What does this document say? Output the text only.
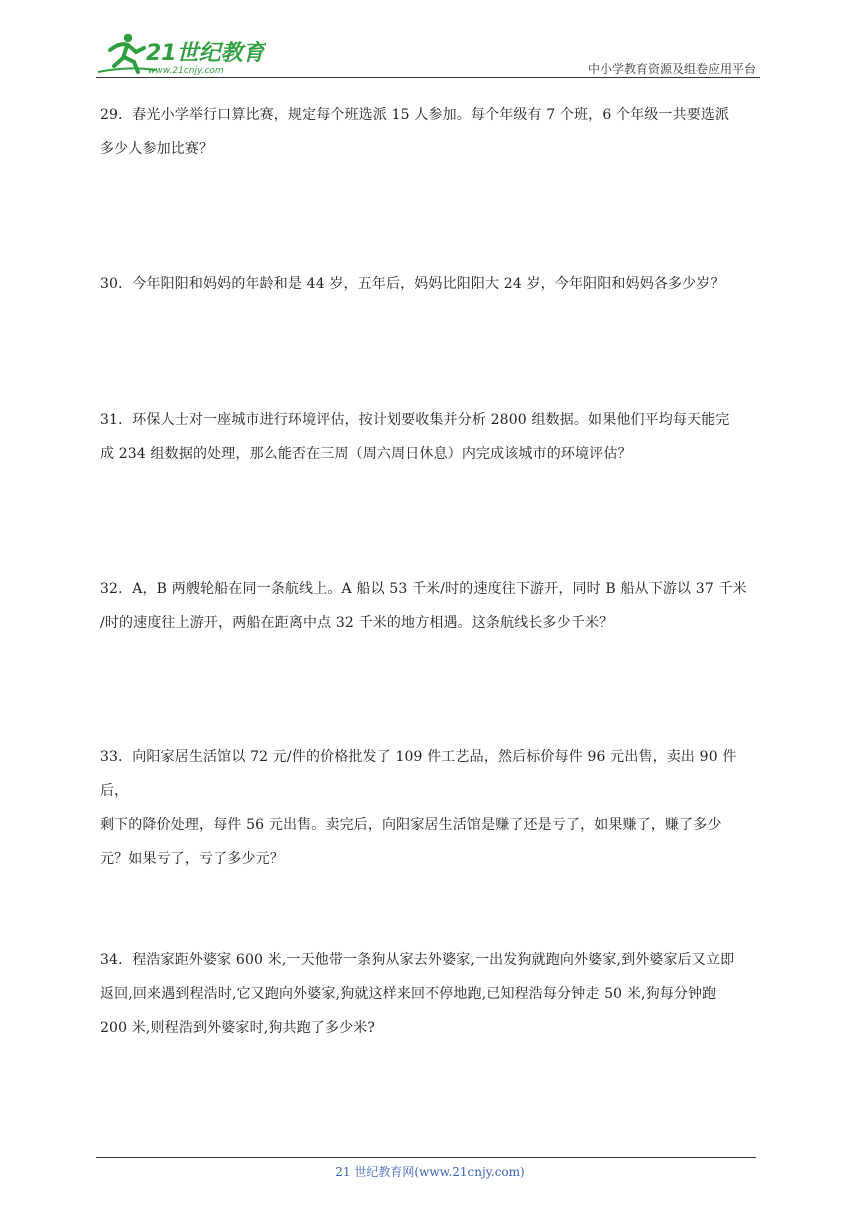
21世纪教育
www.21cnjy.com	中小学教育资源及组卷应用平台
29．春光小学举行口算比赛，规定每个班选派 15 人参加。每个年级有 7 个班，6 个年级一共要选派
多少人参加比赛？
30．今年阳阳和妈妈的年龄和是 44 岁，五年后，妈妈比阳阳大 24 岁，今年阳阳和妈妈各多少岁？
31．环保人士对一座城市进行环境评估，按计划要收集并分析 2800 组数据。如果他们平均每天能完
成 234 组数据的处理，那么能否在三周（周六周日休息）内完成该城市的环境评估？
32．A，B 两艘轮船在同一条航线上。A 船以 53 千米/时的速度往下游开，同时 B 船从下游以 37 千米
/时的速度往上游开，两船在距离中点 32 千米的地方相遇。这条航线长多少千米？
33．向阳家居生活馆以 72 元/件的价格批发了 109 件工艺品，然后标价每件 96 元出售，卖出 90 件后，
剩下的降价处理，每件 56 元出售。卖完后，向阳家居生活馆是赚了还是亏了，如果赚了，赚了多少
元？如果亏了，亏了多少元？
34．程浩家距外婆家 600 米,一天他带一条狗从家去外婆家,一出发狗就跑向外婆家,到外婆家后又立即
返回,回来遇到程浩时,它又跑向外婆家,狗就这样来回不停地跑,已知程浩每分钟走 50 米,狗每分钟跑
200 米,则程浩到外婆家时,狗共跑了多少米?
21 世纪教育网(www.21cnjy.com)
